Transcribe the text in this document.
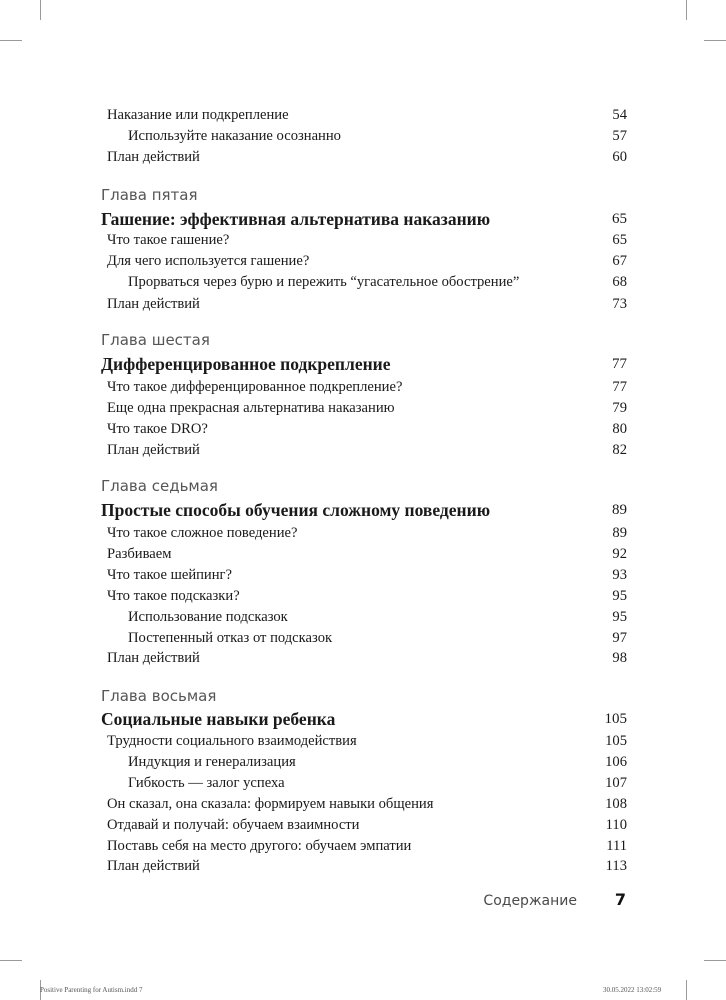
Наказание или подкрепление	54
Используйте наказание осознанно	57
План действий	60
Глава пятая
Гашение: эффективная альтернатива наказанию	65
Что такое гашение?	65
Для чего используется гашение?	67
Прорваться через бурю и пережить “угасательное обострение”	68
План действий	73
Глава шестая
Дифференцированное подкрепление	77
Что такое дифференцированное подкрепление?	77
Еще одна прекрасная альтернатива наказанию	79
Что такое DRO?	80
План действий	82
Глава седьмая
Простые способы обучения сложному поведению	89
Что такое сложное поведение?	89
Разбиваем	92
Что такое шейпинг?	93
Что такое подсказки?	95
Использование подсказок	95
Постепенный отказ от подсказок	97
План действий	98
Глава восьмая
Социальные навыки ребенка	105
Трудности социального взаимодействия	105
Индукция и генерализация	106
Гибкость — залог успеха	107
Он сказал, она сказала: формируем навыки общения	108
Отдавай и получай: обучаем взаимности	110
Поставь себя на место другого: обучаем эмпатии	111
План действий	113
Содержание	7
Positive Parenting for Autism.indd 7	30.05.2022 13:02:59
